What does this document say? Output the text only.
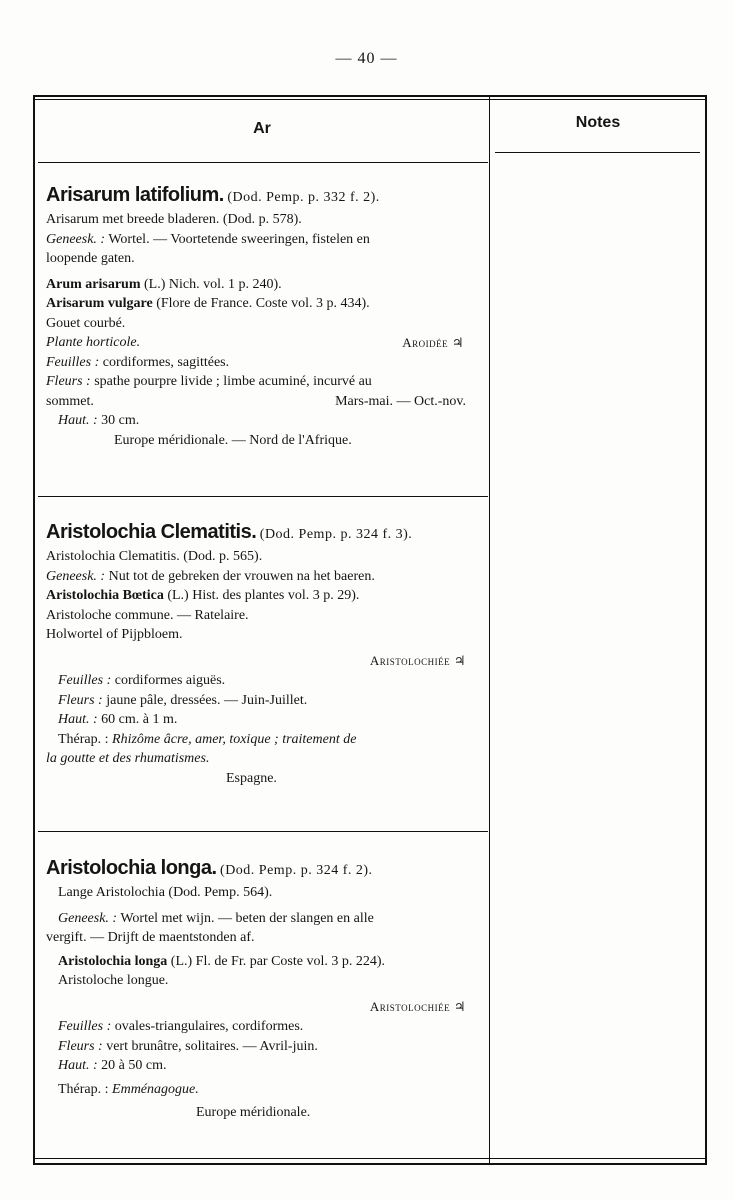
— 40 —
Ar	Notes
Arisarum latifolium. (Dod. Pemp. p. 332 f. 2).
Arisarum met breede bladeren. (Dod. p. 578).
Geneesk. : Wortel. — Voortetende sweeringen, fistelen en
loopende gaten.
Arum arisarum (L.) Nich. vol. 1 p. 240).
Arisarum vulgare (Flore de France. Coste vol. 3 p. 434).
Gouet courbé.
Plante horticole.	Aroidée ♃
Feuilles : cordiformes, sagittées.
Fleurs : spathe pourpre livide ; limbe acuminé, incurvé au
sommet.	Mars-mai. — Oct.-nov.
Haut. : 30 cm.
Europe méridionale. — Nord de l'Afrique.
Aristolochia Clematitis. (Dod. Pemp. p. 324 f. 3).
Aristolochia Clematitis. (Dod. p. 565).
Geneesk. : Nut tot de gebreken der vrouwen na het baeren.
Aristolochia Bœtica (L.) Hist. des plantes vol. 3 p. 29).
Aristoloche commune. — Ratelaire.
Holwortel of Pijpbloem.
Aristolochiée ♃
Feuilles : cordiformes aiguës.
Fleurs : jaune pâle, dressées. — Juin-Juillet.
Haut. : 60 cm. à 1 m.
Thérap. : Rhizôme âcre, amer, toxique ; traitement de
la goutte et des rhumatismes.
Espagne.
Aristolochia longa. (Dod. Pemp. p. 324 f. 2).
Lange Aristolochia (Dod. Pemp. 564).
Geneesk. : Wortel met wijn. — beten der slangen en alle
vergift. — Drijft de maentstonden af.
Aristolochia longa (L.) Fl. de Fr. par Coste vol. 3 p. 224).
Aristoloche longue.
Aristolochiée ♃
Feuilles : ovales-triangulaires, cordiformes.
Fleurs : vert brunâtre, solitaires. — Avril-juin.
Haut. : 20 à 50 cm.
Thérap. : Emménagogue.
Europe méridionale.
